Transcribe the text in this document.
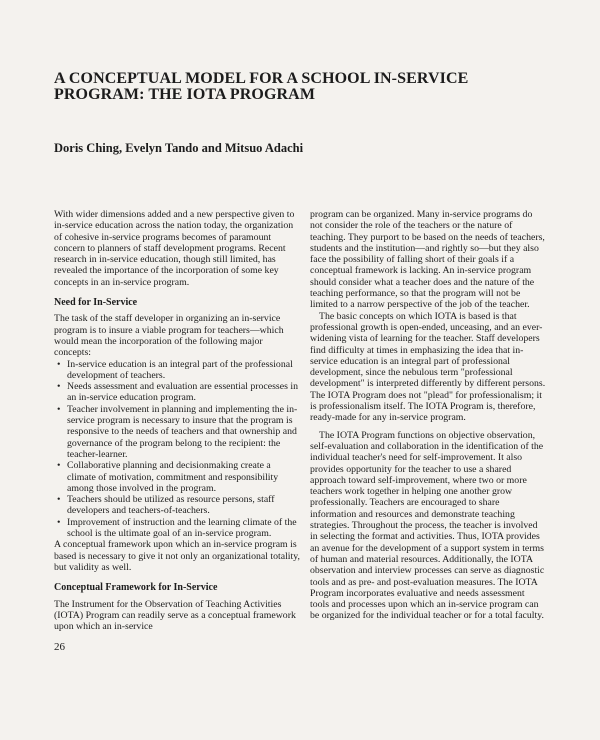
A CONCEPTUAL MODEL FOR A SCHOOL IN-SERVICE
PROGRAM: THE IOTA PROGRAM

Doris Ching, Evelyn Tando and Mitsuo Adachi

With wider dimensions added and a new perspective given to in-service education across the nation today, the organization of cohesive in-service programs becomes of paramount concern to planners of staff development programs. Recent research in in-service education, though still limited, has revealed the importance of the incorporation of some key concepts in an in-service program.

Need for In-Service

The task of the staff developer in organizing an in-service program is to insure a viable program for teachers—which would mean the incorporation of the following major concepts:

• In-service education is an integral part of the professional development of teachers.
• Needs assessment and evaluation are essential processes in an in-service education program.
• Teacher involvement in planning and implementing the in-service program is necessary to insure that the program is responsive to the needs of teachers and that ownership and governance of the program belong to the recipient: the teacher-learner.
• Collaborative planning and decisionmaking create a climate of motivation, commitment and responsibility among those involved in the program.
• Teachers should be utilized as resource persons, staff developers and teachers-of-teachers.
• Improvement of instruction and the learning climate of the school is the ultimate goal of an in-service program.

A conceptual framework upon which an in-service program is based is necessary to give it not only an organizational totality, but validity as well.

Conceptual Framework for In-Service

The Instrument for the Observation of Teaching Activities (IOTA) Program can readily serve as a conceptual framework upon which an in-service

program can be organized. Many in-service programs do not consider the role of the teachers or the nature of teaching. They purport to be based on the needs of teachers, students and the institution—and rightly so—but they also face the possibility of falling short of their goals if a conceptual framework is lacking. An in-service program should consider what a teacher does and the nature of the teaching performance, so that the program will not be limited to a narrow perspective of the job of the teacher.

The basic concepts on which IOTA is based is that professional growth is open-ended, unceasing, and an ever-widening vista of learning for the teacher. Staff developers find difficulty at times in emphasizing the idea that in-service education is an integral part of professional development, since the nebulous term "professional development" is interpreted differently by different persons. The IOTA Program does not "plead" for professionalism; it is professionalism itself. The IOTA Program is, therefore, ready-made for any in-service program.

The IOTA Program functions on objective observation, self-evaluation and collaboration in the identification of the individual teacher's need for self-improvement. It also provides opportunity for the teacher to use a shared approach toward self-improvement, where two or more teachers work together in helping one another grow professionally. Teachers are encouraged to share information and resources and demonstrate teaching strategies. Throughout the process, the teacher is involved in selecting the format and activities. Thus, IOTA provides an avenue for the development of a support system in terms of human and material resources. Additionally, the IOTA observation and interview processes can serve as diagnostic tools and as pre- and post-evaluation measures. The IOTA Program incorporates evaluative and needs assessment tools and processes upon which an in-service program can be organized for the individual teacher or for a total faculty.

26
